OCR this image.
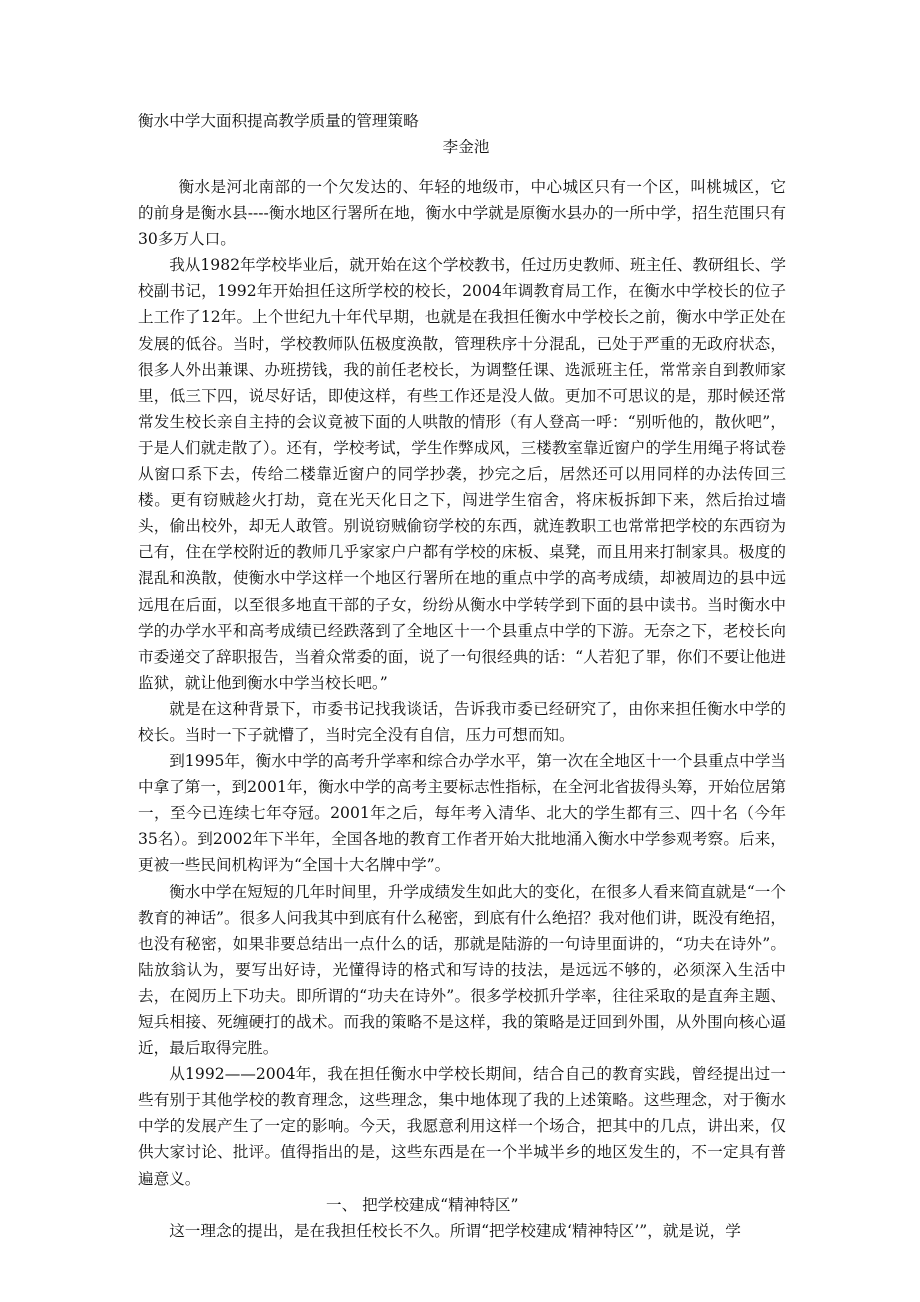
衡水中学大面积提高教学质量的管理策略

李金池

衡水是河北南部的一个欠发达的、年轻的地级市，中心城区只有一个区，叫桃城区，它的前身是衡水县----衡水地区行署所在地，衡水中学就是原衡水县办的一所中学，招生范围只有30多万人口。

我从1982年学校毕业后，就开始在这个学校教书，任过历史教师、班主任、教研组长、学校副书记，1992年开始担任这所学校的校长，2004年调教育局工作，在衡水中学校长的位子上工作了12年。上个世纪九十年代早期，也就是在我担任衡水中学校长之前，衡水中学正处在发展的低谷。当时，学校教师队伍极度涣散，管理秩序十分混乱，已处于严重的无政府状态，很多人外出兼课、办班捞钱，我的前任老校长，为调整任课、选派班主任，常常亲自到教师家里，低三下四，说尽好话，即使这样，有些工作还是没人做。更加不可思议的是，那时候还常常发生校长亲自主持的会议竟被下面的人哄散的情形（有人登高一呼：“别听他的，散伙吧”，于是人们就走散了）。还有，学校考试，学生作弊成风，三楼教室靠近窗户的学生用绳子将试卷从窗口系下去，传给二楼靠近窗户的同学抄袭，抄完之后，居然还可以用同样的办法传回三楼。更有窃贼趁火打劫，竟在光天化日之下，闯进学生宿舍，将床板拆卸下来，然后抬过墙头，偷出校外，却无人敢管。别说窃贼偷窃学校的东西，就连教职工也常常把学校的东西窃为己有，住在学校附近的教师几乎家家户户都有学校的床板、桌凳，而且用来打制家具。极度的混乱和涣散，使衡水中学这样一个地区行署所在地的重点中学的高考成绩，却被周边的县中远远甩在后面，以至很多地直干部的子女，纷纷从衡水中学转学到下面的县中读书。当时衡水中学的办学水平和高考成绩已经跌落到了全地区十一个县重点中学的下游。无奈之下，老校长向市委递交了辞职报告，当着众常委的面，说了一句很经典的话：“人若犯了罪，你们不要让他进监狱，就让他到衡水中学当校长吧。”

就是在这种背景下，市委书记找我谈话，告诉我市委已经研究了，由你来担任衡水中学的校长。当时一下子就懵了，当时完全没有自信，压力可想而知。

到1995年，衡水中学的高考升学率和综合办学水平，第一次在全地区十一个县重点中学当中拿了第一，到2001年，衡水中学的高考主要标志性指标，在全河北省拔得头筹，开始位居第一，至今已连续七年夺冠。2001年之后，每年考入清华、北大的学生都有三、四十名（今年35名）。到2002年下半年，全国各地的教育工作者开始大批地涌入衡水中学参观考察。后来，更被一些民间机构评为“全国十大名牌中学”。

衡水中学在短短的几年时间里，升学成绩发生如此大的变化，在很多人看来简直就是“一个教育的神话”。很多人问我其中到底有什么秘密，到底有什么绝招？我对他们讲，既没有绝招，也没有秘密，如果非要总结出一点什么的话，那就是陆游的一句诗里面讲的，“功夫在诗外”。陆放翁认为，要写出好诗，光懂得诗的格式和写诗的技法，是远远不够的，必须深入生活中去，在阅历上下功夫。即所谓的“功夫在诗外”。很多学校抓升学率，往往采取的是直奔主题、短兵相接、死缠硬打的战术。而我的策略不是这样，我的策略是迂回到外围，从外围向核心逼近，最后取得完胜。

从1992——2004年，我在担任衡水中学校长期间，结合自己的教育实践，曾经提出过一些有别于其他学校的教育理念，这些理念，集中地体现了我的上述策略。这些理念，对于衡水中学的发展产生了一定的影响。今天，我愿意利用这样一个场合，把其中的几点，讲出来，仅供大家讨论、批评。值得指出的是，这些东西是在一个半城半乡的地区发生的，不一定具有普遍意义。

一、 把学校建成“精神特区”

这一理念的提出，是在我担任校长不久。所谓“把学校建成‘精神特区’”，就是说，学
